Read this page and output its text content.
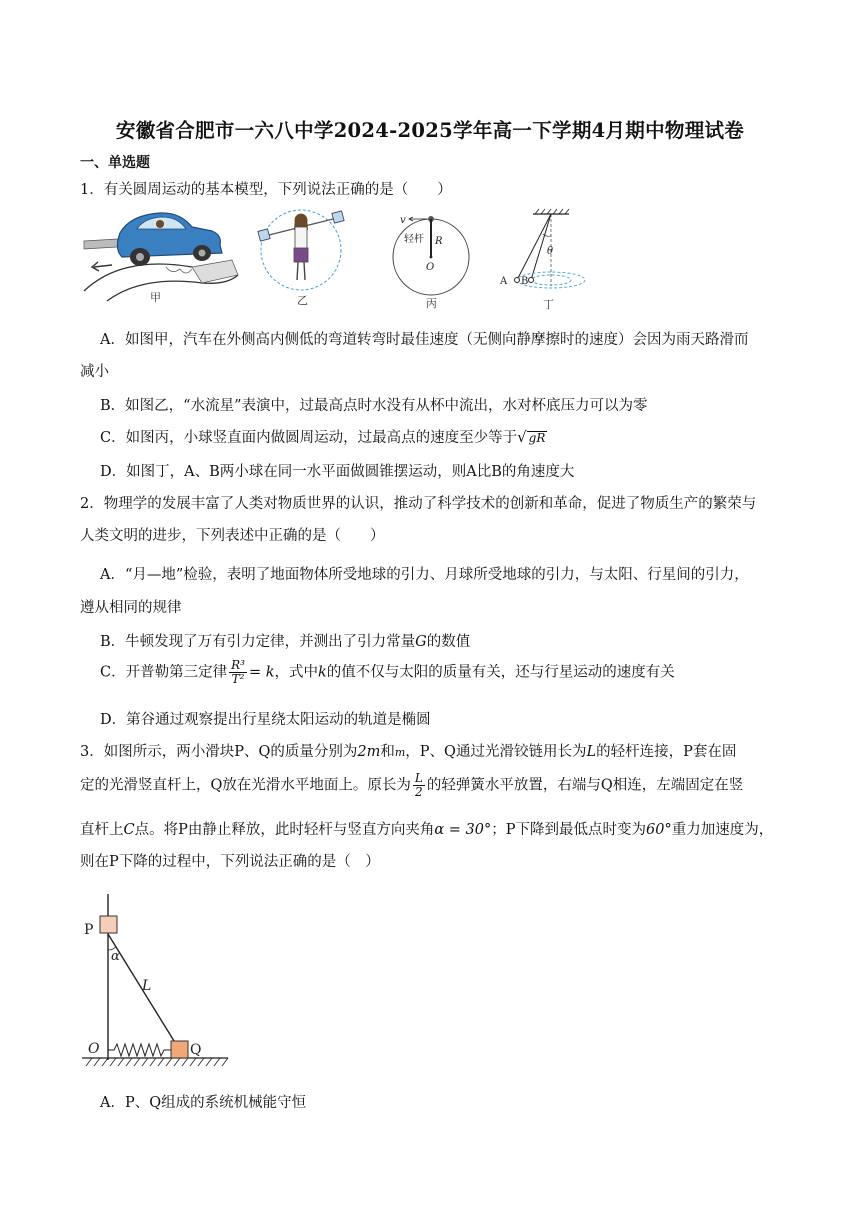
安徽省合肥市一六八中学2024-2025学年高一下学期4月期中物理试卷
一、单选题
1．有关圆周运动的基本模型，下列说法正确的是（　　）
甲	乙
v
轻杆 R
O
丙
θ
A B
丁
A．如图甲，汽车在外侧高内侧低的弯道转弯时最佳速度（无侧向静摩擦时的速度）会因为雨天路滑而
减小
B．如图乙，“水流星”表演中，过最高点时水没有从杯中流出，水对杯底压力可以为零
C．如图丙，小球竖直面内做圆周运动，过最高点的速度至少等于√ gR
D．如图丁，A、B两小球在同一水平面做圆锥摆运动，则A比B的角速度大
2．物理学的发展丰富了人类对物质世界的认识，推动了科学技术的创新和革命，促进了物质生产的繁荣与
人类文明的进步，下列表述中正确的是（　　）
A．“月—地”检验，表明了地面物体所受地球的引力、月球所受地球的引力，与太阳、行星间的引力，
遵从相同的规律
B．牛顿发现了万有引力定律，并测出了引力常量G的数值
C．开普勒第三定律 $\frac{\text{R³}}{\text{T²}} = k$，式中k的值不仅与太阳的质量有关，还与行星运动的速度有关
D．第谷通过观察提出行星绕太阳运动的轨道是椭圆
3．如图所示，两小滑块P、Q的质量分别为2m和m，P、Q通过光滑铰链用长为L的轻杆连接，P套在固
定的光滑竖直杆上，Q放在光滑水平地面上。原长为 $\frac{L}{2}$ 的轻弹簧水平放置，右端与Q相连，左端固定在竖
直杆上C点。将P由静止释放，此时轻杆与竖直方向夹角α = 30°；P下降到最低点时变为60°重力加速度为，
则在P下降的过程中，下列说法正确的是（　）
P
α
L
O	Q
A．P、Q组成的系统机械能守恒
